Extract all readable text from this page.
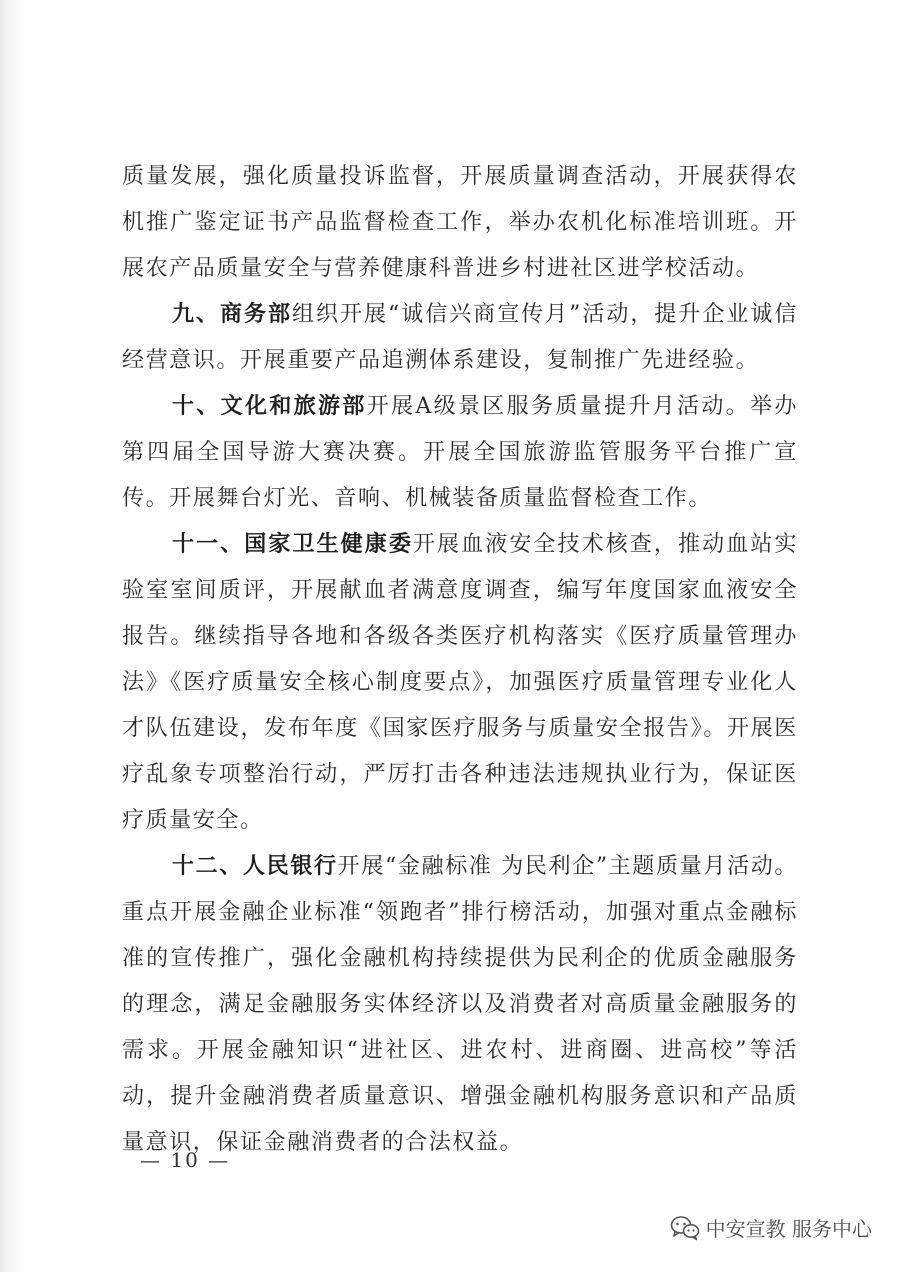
质量发展，强化质量投诉监督，开展质量调查活动，开展获得农机推广鉴定证书产品监督检查工作，举办农机化标准培训班。开展农产品质量安全与营养健康科普进乡村进社区进学校活动。

九、商务部组织开展“诚信兴商宣传月”活动，提升企业诚信经营意识。开展重要产品追溯体系建设，复制推广先进经验。

十、文化和旅游部开展A级景区服务质量提升月活动。举办第四届全国导游大赛决赛。开展全国旅游监管服务平台推广宣传。开展舞台灯光、音响、机械装备质量监督检查工作。

十一、国家卫生健康委开展血液安全技术核查，推动血站实验室室间质评，开展献血者满意度调查，编写年度国家血液安全报告。继续指导各地和各级各类医疗机构落实《医疗质量管理办法》《医疗质量安全核心制度要点》，加强医疗质量管理专业化人才队伍建设，发布年度《国家医疗服务与质量安全报告》。开展医疗乱象专项整治行动，严厉打击各种违法违规执业行为，保证医疗质量安全。

十二、人民银行开展“金融标准 为民利企”主题质量月活动。重点开展金融企业标准“领跑者”排行榜活动，加强对重点金融标准的宣传推广，强化金融机构持续提供为民利企的优质金融服务的理念，满足金融服务实体经济以及消费者对高质量金融服务的需求。开展金融知识“进社区、进农村、进商圈、进高校”等活动，提升金融消费者质量意识、增强金融机构服务意识和产品质量意识，保证金融消费者的合法权益。

— 10 —
中安宣教 服务中心
